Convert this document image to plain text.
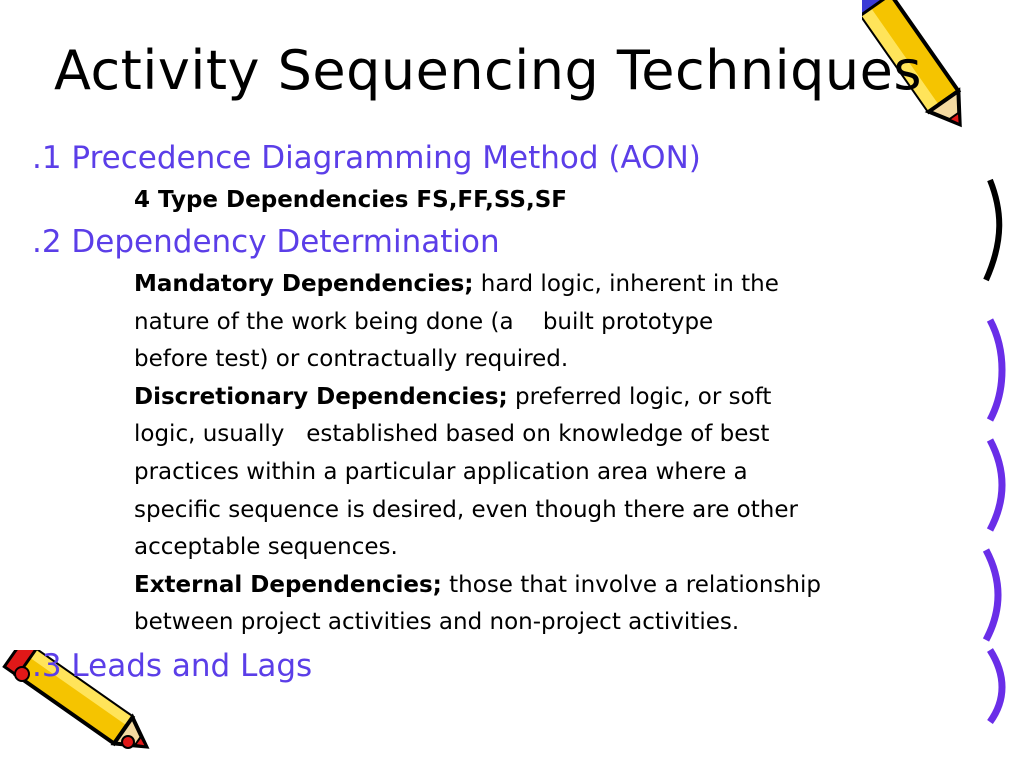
Activity Sequencing Techniques
.1 Precedence Diagramming Method (AON)
4 Type Dependencies FS,FF,SS,SF
.2 Dependency Determination
Mandatory Dependencies; hard logic, inherent in the
nature of the work being done (a    built prototype
before test) or contractually required.
Discretionary Dependencies; preferred logic, or soft
logic, usually   established based on knowledge of best
practices within a particular application area where a
specific sequence is desired, even though there are other
acceptable sequences.
External Dependencies; those that involve a relationship
between project activities and non-project activities.
.3 Leads and Lags
